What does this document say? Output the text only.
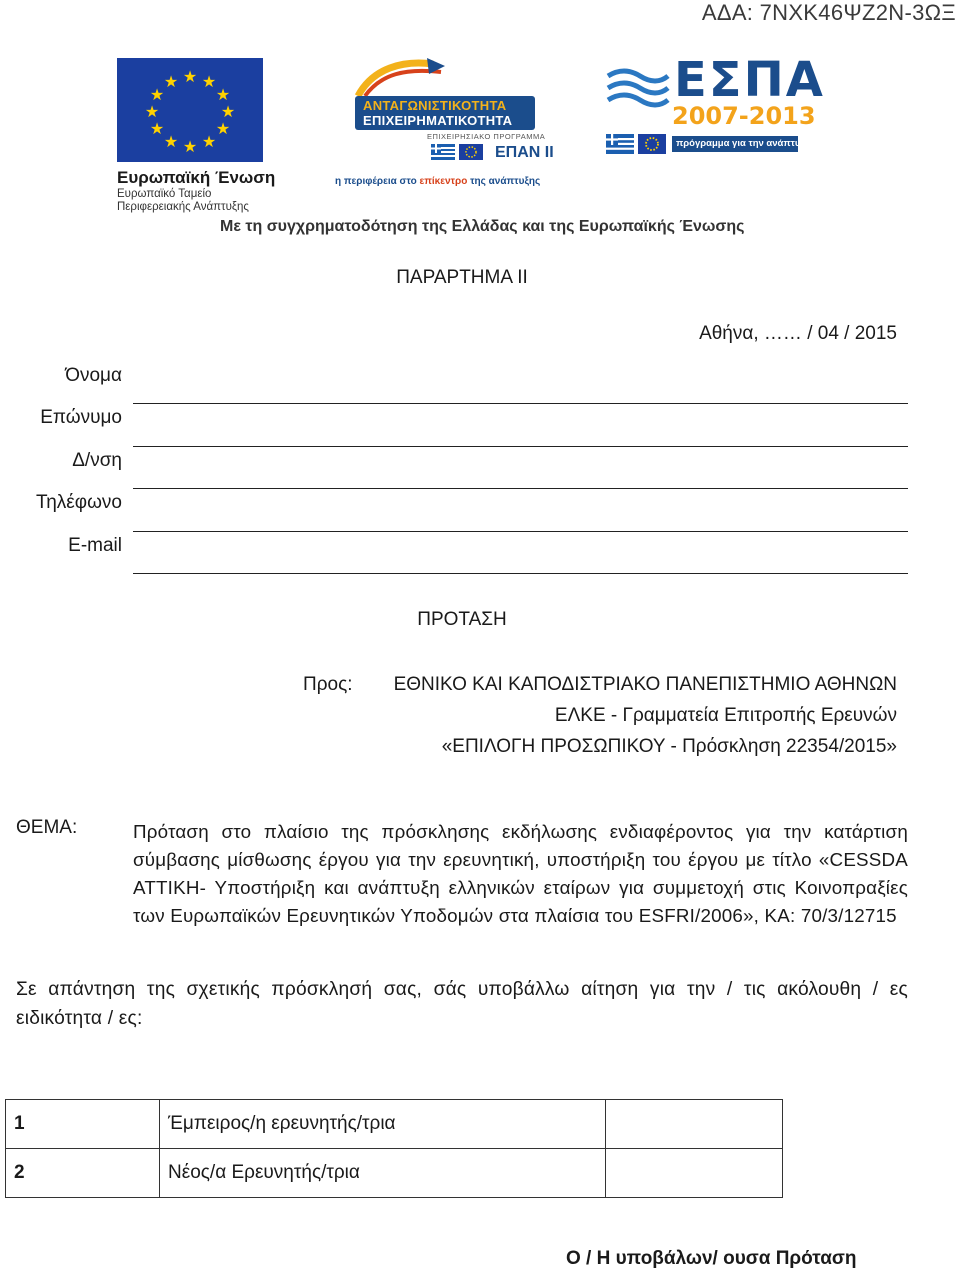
ΑΔΑ: 7ΝΧΚ46ΨΖ2Ν-3ΩΞ
★ ★
★
★
★
★
★
★
★
★
★
★
Ευρωπαϊκή Ένωση
Ευρωπαϊκό Ταμείο
Περιφερειακής Ανάπτυξης
ΑΝΤΑΓΩΝΙΣΤΙΚΟΤΗΤΑ
ΕΠΙΧΕΙΡΗΜΑΤΙΚΟΤΗΤΑ
ΕΠΙΧΕΙΡΗΣΙΑΚΟ ΠΡΟΓΡΑΜΜΑ
ΕΠΑΝ ΙΙ
η περιφέρεια στο επίκεντρο της ανάπτυξης
ΕΣΠΑ
2007-2013
πρόγραμμα για την ανάπτυξη
Με τη συγχρηματοδότηση της Ελλάδας και της Ευρωπαϊκής Ένωσης
ΠΑΡΑΡΤΗΜΑ ΙΙ
Αθήνα, …… / 04 / 2015
Όνομα
Επώνυμο
Δ/νση
Τηλέφωνο
E-mail
ΠΡΟΤΑΣΗ
Προς: ΕΘΝΙΚΟ ΚΑΙ ΚΑΠΟΔΙΣΤΡΙΑΚΟ ΠΑΝΕΠΙΣΤΗΜΙΟ ΑΘΗΝΩΝ
ΕΛΚΕ - Γραμματεία Επιτροπής Ερευνών
«ΕΠΙΛΟΓΗ ΠΡΟΣΩΠΙΚΟΥ - Πρόσκληση 22354/2015»
ΘΕΜΑ:	Πρόταση στο πλαίσιο της πρόσκλησης εκδήλωσης ενδιαφέροντος για την κατάρτιση σύμβασης μίσθωσης έργου για την ερευνητική, υποστήριξη του έργου με τίτλο «CESSDA ΑΤΤΙΚΗ- Υποστήριξη και ανάπτυξη ελληνικών εταίρων για συμμετοχή στις Κοινοπραξίες των Ευρωπαϊκών Ερευνητικών Υποδομών στα πλαίσια του ESFRI/2006», ΚΑ: 70/3/12715
Σε απάντηση της σχετικής πρόσκλησή σας, σάς υποβάλλω αίτηση για την / τις ακόλουθη / ες ειδικότητα / ες:
1	Έμπειρος/η ερευνητής/τρια	
2	Νέος/α Ερευνητής/τρια	
Ο / Η υποβάλων/ ουσα Πρόταση
